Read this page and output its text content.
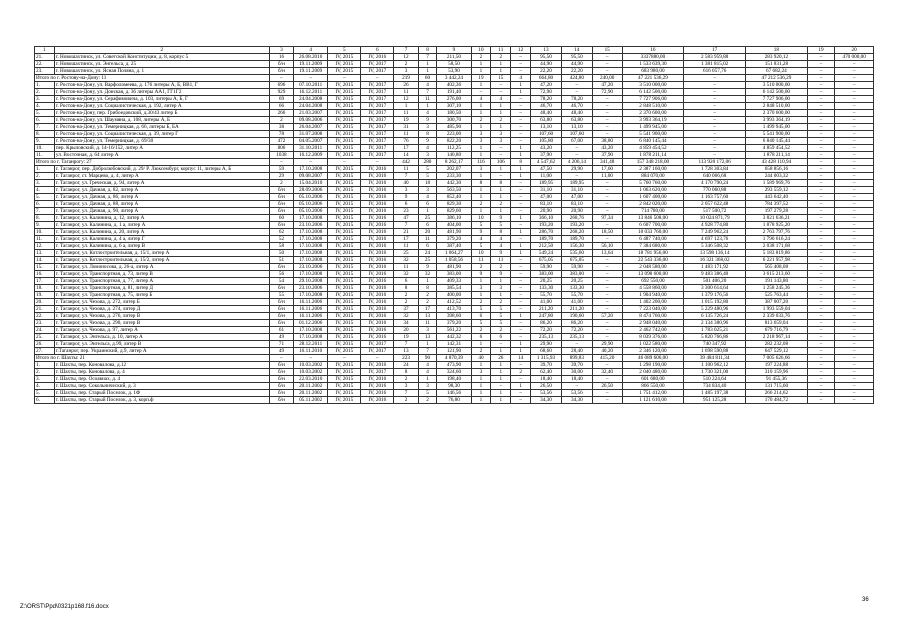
1	2	3	4	5	6	7	8	9	10	11	12	13	14	15	16	17	18	19	20
21.	г. Новошахтинск, ул. Советской Конституции, д. 8, корпус 5	16	26.08.2010	IV, 2015	IV, 2016	12	7	211,50	2	2	–	95,50	95,50	–	3337880,00	2 583 959,88	283 920,12	–	470 000,00
22.	г. Новошахтинск, ул. Энгельса, д. 25	б/н	19.11.2009	IV, 2015	IV, 2017	2	1	58,50	1	1	–	44,90	44,90	–	1 533 639,30	1 381 815,02	151 831,28	–	–
23.	г. Новошахтинск, ул. Ясная Поляна, д. 1	б/н	19.11.2009	IV, 2015	IV, 2017	3	1	53,90	1	1	–	22,20	22,20	–	683 980,00	616 057,76	67 682,24	–	–
Итого по г. Ростову-на-Дону: 11		–	–	–	–	219	60	3 442,24	19	15	4	664,80	424,80	240,00	47 221 536,29	–	47 212 536,29	–	–
1.	г. Ростов-на-Дону, ул. Варфоломеева, д. 176 литеры А, Б, ВВ1, Г	696	07.10.2011	IV, 2015	IV, 2017	26	4	402,36	1	–	1	47,20	–	47,20	3 510 000,00	–	3 510 000,00	–	–
2.	г. Ростов-на-Дону, ул. Донская, д. 36 литеры АА1, ГГ1Г2	929	16.12.2011	IV, 2015	IV, 2017	11	7	191,40	–	–	1	72,90	–	72,90	6 142 500,00	–	6 142 500,00	–	–
3.	г. Ростов-на-Дону, ул. Серафимовича, д. 103, литеры А, Б, Г	69	24.04.2008	IV, 2015	IV, 2017	12	11	276,00	4	4	–	78,20	78,20	–	7 727 906,00	–	7 727 906,00	–	–
4.	г. Ростов-на-Дону, ул. Социалистическая, д. 192, литер А	66	24.04.2008	IV, 2015	IV, 2017	1	1	307,10	1	1	–	46,70	46,70	–	2 848 510,00	–	2 848 510,00	–	–
5.	г. Ростов-на-Дону, пер. Грибоедовский, д.30/43 литер Б	266	21.03.2007	IV, 2015	IV, 2017	11	4	180,50	1	1	–	48,40	48,40	–	2 370 600,00	–	2 370 600,00	–	–
6.	г. Ростов-на-Дону, ул. Шаумяна, д. 108, литеры А, Б	2	09.08.2006	IV, 2015	IV, 2017	19	9	300,70	2	2	–	63,80	63,80	–	3 993 364,19	–	3 993 364,19	–	–
7.	г. Ростов-на-Дону, ул. Темерницкая, д. 66, литеры Б, БА	38	26.04.2007	IV, 2015	IV, 2017	31	3	485,90	1	1	–	13,10	13,10	–	1 499 945,00	–	1 499 945,00	–	–
8.	г. Ростов-на-Дону, ул. Социалистическая, д. 39, литер Г	78	31.07.2008	IV, 2015	IV, 2017	11	8	223,00	3	3	–	107,60	107,60	–	5 541 900,00	–	5 541 900,00	–	–
9.	г. Ростов-на-Дону, ул. Темерницкая, д. 69/30	472	04.05.2007	IV, 2015	IV, 2017	76	9	822,20	3	3	–	105,80	67,00	38,80	6 840 145,44	–	6 840 145,44	–	–
10.	пер. Крыловский, д. 14-16/152, литер А	806	31.10.2011	IV, 2015	IV, 2017	17	4	112,25	1	–	1	43,20	–	43,20	4 859 454,52	–	4 859 454,52	–	–
11.	ул. Восточная, д. 64 литер А	1038	16.12.2009	IV, 2015	IV, 2017	14	3	140,80	1	–	1	37,90	–	37,90	1 878 211,14	–	1 878 211,14	–	–
Итого по г. Таганрогу: 27		–	–	–	–	442	280	8 262,17	116	106	8	4 547,62	4 206,14	341,48	157 348 218,00	113 920 172,06	43 428 110,94	–	–
1.	г. Таганрог, пер. Добролюбовский, д. 29/ Р. Люксембург, корпус 11, литеры А, Б	59	17.10.2008	IV, 2015	IV, 2016	11	5	202,07	3	1	1	47,50	29,90	17,60	2 387 160,00	1 728 303,84	658 856,16	–	–
2.	г. Таганрог, ст. Марцево, д. 4, литер А	29	09.08.2007	IV, 2015	IV, 2016	7	5	233,30	1	–	1	11,00	–	11,00	884 070,00	640 066,68	244 003,32	–	–
3.	г. Таганрог, ул. Греческая, д. 94, литер А	2	15.04.2010	IV, 2015	IV, 2016	40	18	442,30	8	8	–	189,95	189,95	–	5 760 760,00	4 170 790,24	1 589 969,76	–	–
4.	г. Таганрог, ул. Дачная, д. 82, литер А	б/н	28.09.2006	IV, 2015	IV, 2016	3	3	563,50	1	1	–	31,10	31,10	–	1 063 620,00	770 060,88	293 559,12	–	–
5.	г. Таганрог, ул. Дачная, д. 86, литер А	б/н	05.10.2006	IV, 2015	IV, 2016	9	4	852,40	1	1	–	47,00	47,00	–	1 607 400,00	1 163 757,60	443 642,40	–	–
6.	г. Таганрог, ул. Дачная, д. 88, литер А	б/н	05.10.2006	IV, 2015	IV, 2016	6	6	829,30	2	2	–	83,10	83,10	–	2 842 020,00	2 057 622,48	784 397,52	–	–
7.	г. Таганрог, ул. Дачная, д. 90, литер А	б/н	05.10.2006	IV, 2015	IV, 2016	23	1	829,60	1	1	–	20,90	20,90	–	714 780,00	517 500,72	197 279,28	–	–
8.	г. Таганрог, ул. Калинина, д. 12, литер А	60	17.10.2008	IV, 2015	IV, 2016	47	25	386,10	10	9	1	366,10	268,76	97,34	13 846 508,00	10 024 871,79	3 821 636,21	–	–
9.	г. Таганрог, ул. Калинина, д. 1 а, литер А	б/н	23.10.2006	IV, 2015	IV, 2016	7	6	404,00	5	5	–	193,20	193,20	–	6 607 700,00	4 928 774,80	1 878 925,20	–	–
10.	г. Таганрог, ул. Калинина, д. 20, литер А	62	17.10.2008	IV, 2015	IV, 2016	21	20	481,90	9	8	1	286,70	268,20	18,50	10 033 760,00	7 249 962,24	2 763 797,76	–	–
11.	г. Таганрог, ул. Калинина, д. 4 а, литер Г	52	17.10.2008	IV, 2015	IV, 2016	17	11	379,20	4	4	–	189,70	189,70	–	6 487 740,00	4 697 123,76	1 790 616,24	–	–
12.	г. Таганрог, ул. Калинина, д. 6 а, литер В	58	17.10.2008	IV, 2015	IV, 2016	11	6	387,40	5	4	1	212,50	156,30	56,10	7 384 680,00	5 346 508,32	2 038 171,68	–	–
13.	г. Таганрог, ул. Котлостроительная, д. 15/1, литер А	50	17.10.2008	IV, 2015	IV, 2016	25	24	1 064,27	10	9	1	549,24	535,60	13,64	18 781 956,00	13 598 136,14	5 183 819,86	–	–
14.	г. Таганрог, ул. Котлостроительная, д. 15/2, литер А	51	17.10.2008	IV, 2015	IV, 2016	32	25	1 058,56	11	11	–	675,05	675,05	–	22 543 336,00	16 321 368,02	6 221 957,98	–	–
15.	г. Таганрог, ул. Ломоносова, д. 26-а, литер А	б/н	23.10.2006	IV, 2015	IV, 2016	11	9	481,90	2	2	–	59,90	59,90	–	2 048 580,00	1 483 171,92	565 408,08	–	–
16.	г. Таганрог, ул. Транспортная, д. 73, литер В	56	17.10.2008	IV, 2015	IV, 2016	32	32	383,00	9	9	–	383,00	383,00	–	13 098 600,00	9 483 386,40	3 615 213,60	–	–
17.	г. Таганрог, ул. Транспортная, д. 77, литер А	54	29.10.2008	IV, 2015	IV, 2016	6	1	409,33	1	1	–	20,25	20,25	–	692 550,00	501 406,20	191 143,80	–	–
18.	г. Таганрог, ул. Транспортная, д. 81, литер Д	б/н	23.10.2006	IV, 2015	IV, 2016	8	8	385,54	3	3	–	133,30	133,30	–	4 558 860,00	3 300 614,64	1 258 245,36	–	–
19.	г. Таганрог, ул. Транспортная, д. 75, литер Б	55	17.10.2008	IV, 2015	IV, 2016	2	2	400,00	1	1	–	55,70	55,70	–	1 904 940,00	1 379 176,56	525 763,44	–	–
20.	г. Таганрог, ул. Чехова, д. 272, литер Б	б/н	16.11.2006	IV, 2015	IV, 2016	2	2	412,52	2	2	–	41,00	41,00	–	1 402 200,00	1 015 192,80	387 007,20	–	–
21.	г. Таганрог, ул. Чехова, д. 274, литер Д	б/н	16.11.2006	IV, 2015	IV, 2016	37	17	413,70	5	5	–	211,20	211,20	–	7 223 040,00	5 229 480,96	1 993 559,04	–	–
22.	г. Таганрог, ул. Чехова, д. 276, литер В	б/н	16.11.2006	IV, 2015	IV, 2016	32	13	398,60	6	5	1	247,80	190,60	57,20	8 474 760,00	6 135 726,24	2 339 033,76	–	–
23.	г. Таганрог, ул. Чехова, д. 290, литер В	б/н	01.12.2006	IV, 2015	IV, 2016	34	11	379,20	5	5	–	86,20	86,20	–	2 948 040,00	2 134 380,96	813 659,04	–	–
24.	г. Таганрог, ул. Чехова, д. 97, литер А	61	17.10.2008	IV, 2015	IV, 2016	20	3	561,22	2	2	–	72,20	72,20	–	2 462 742,00	1 783 025,21	679 716,79	–	–
25.	г. Таганрог, ул. Энгельса, д. 10, литер А	49	17.10.2008	IV, 2015	IV, 2016	19	13	442,32	6	6	–	235,13	235,13	–	8 039 376,00	5 820 766,86	2 218 967,14	–	–
26.	г. Таганрог, ул. Энгельса, д.99, литер В	71	28.12.2011	IV, 2015	IV, 2017	7	1	142,31	1	–	1	29,90	–	29,90	1 022 580,00	740 347,92	282 232,08	–	–
27.	г.Таганрог, пер. Украинский, д.9, литер А	49	16.11.2010	IV, 2015	IV, 2017	13	7	121,90	2	1	1	68,60	28,40	40,20	2 346 120,00	1 698 590,88	647 529,12	–	–
Итого по г. Шахты: 21		–	–	–	–	223	90	4 870,39	40	26	14	1 315,93	899,83	415,20	46 089 606,00	39 484 811,34	7 005 626,66	–	–
1.	г. Шахты, пер. Коновалова, д.12	б/н	10.03.2002	IV, 2015	IV, 2016	24	4	473,90	1	1	–	39,70	39,70	–	1 298 190,00	1 100 962,12	197 224,88	–	–
2.	г. Шахты, пер. Коновалова, д. 4	б/н	10.03.2002	IV, 2015	IV, 2017	8	4	324,60	3	1	2	62,40	30,00	32,40	2 040 480,00	1 730 321,00	310 159,96	–	–
3.	г. Шахты, пер. Осоавиах, д. 4	б/н	22.03.2010	IV, 2015	IV, 2016	2	1	198,40	1	1	–	18,40	18,40	–	601 680,00	510 224,64	91 455,36	–	–
4.	г. Шахты, пер. Сокольнический, д. 3	б/н	20.11.2002	IV, 2015	IV, 2016	3	3	98,30	1	–	1	26,50	–	26,50	866 550,00	734 834,40	131 715,60	–	–
5.	г. Шахты, пер. Старый Поселок, д. 1Ф	б/н	20.11.2002	IV, 2015	IV, 2016	7	5	146,56	1	1	–	53,56	53,56	–	1 751 412,00	1 485 197,38	266 214,62	–	–
6.	г. Шахты, пер. Старый Поселок, д. 3, корп.ф	б/н	05.11.2002	IV, 2015	IV, 2016	2	2	76,80	1	1	–	34,30	34,30	–	1 121 610,00	951 125,28	170 484,72	–	–
Z:\ORST\Ppd\0321p168.f16.docx
36
